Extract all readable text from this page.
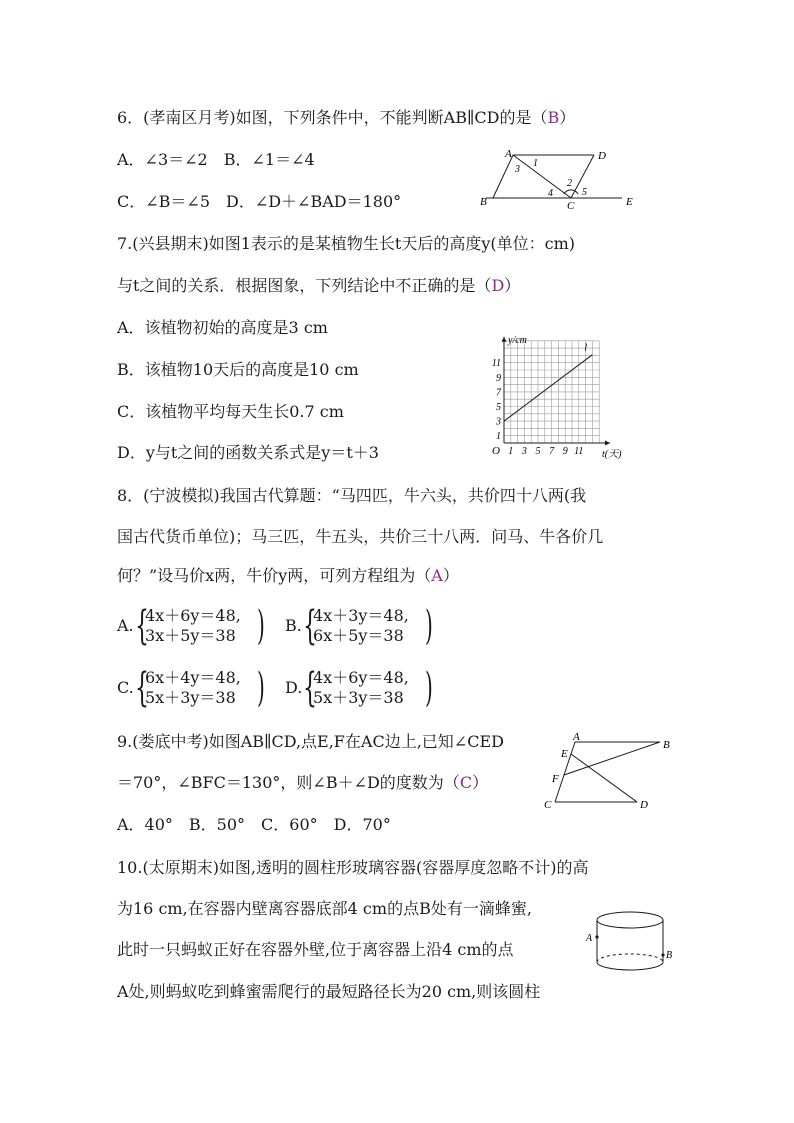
6．(孝南区月考)如图，下列条件中，不能判断AB∥CD的是（B）
A．∠3＝∠2　B．∠1＝∠4
C．∠B＝∠5　D．∠D＋∠BAD＝180°
A	D
B	C	E
1
3
2
4	5
7.(兴县期末)如图1表示的是某植物生长t天后的高度y(单位：cm)
与t之间的关系．根据图象，下列结论中不正确的是（D）
A．该植物初始的高度是3 cm
B．该植物10天后的高度是10 cm
C．该植物平均每天生长0.7 cm
D．y与t之间的函数关系式是y＝t＋3	1 3 5 7 9 11
1
3
5
7
9
11
O
y/cm
t(天)
l
8．(宁波模拟)我国古代算题：“马四匹，牛六头，共价四十八两(我
国古代货币单位)；马三匹，牛五头，共价三十八两．问马、牛各价几
何？”设马价x两，牛价y两，可列方程组为（A）
A. {
4x＋6y＝48,
3x＋5y＝38 ) B. {
4x＋3y＝48,
6x＋5y＝38 )
C. {
6x＋4y＝48,
5x＋3y＝38 ) D. {
4x＋6y＝48,
5x＋3y＝38 )
9.(娄底中考)如图AB∥CD,点E,F在AC边上,已知∠CED
＝70°，∠BFC＝130°，则∠B＋∠D的度数为（C）
A．40°　B．50°　C．60°　D．70°
A
B
E
F
C	D
10.(太原期末)如图,透明的圆柱形玻璃容器(容器厚度忽略不计)的高
为16 cm,在容器内壁离容器底部4 cm的点B处有一滴蜂蜜,
此时一只蚂蚁正好在容器外壁,位于离容器上沿4 cm的点
A处,则蚂蚁吃到蜂蜜需爬行的最短路径长为20 cm,则该圆柱
A
B
